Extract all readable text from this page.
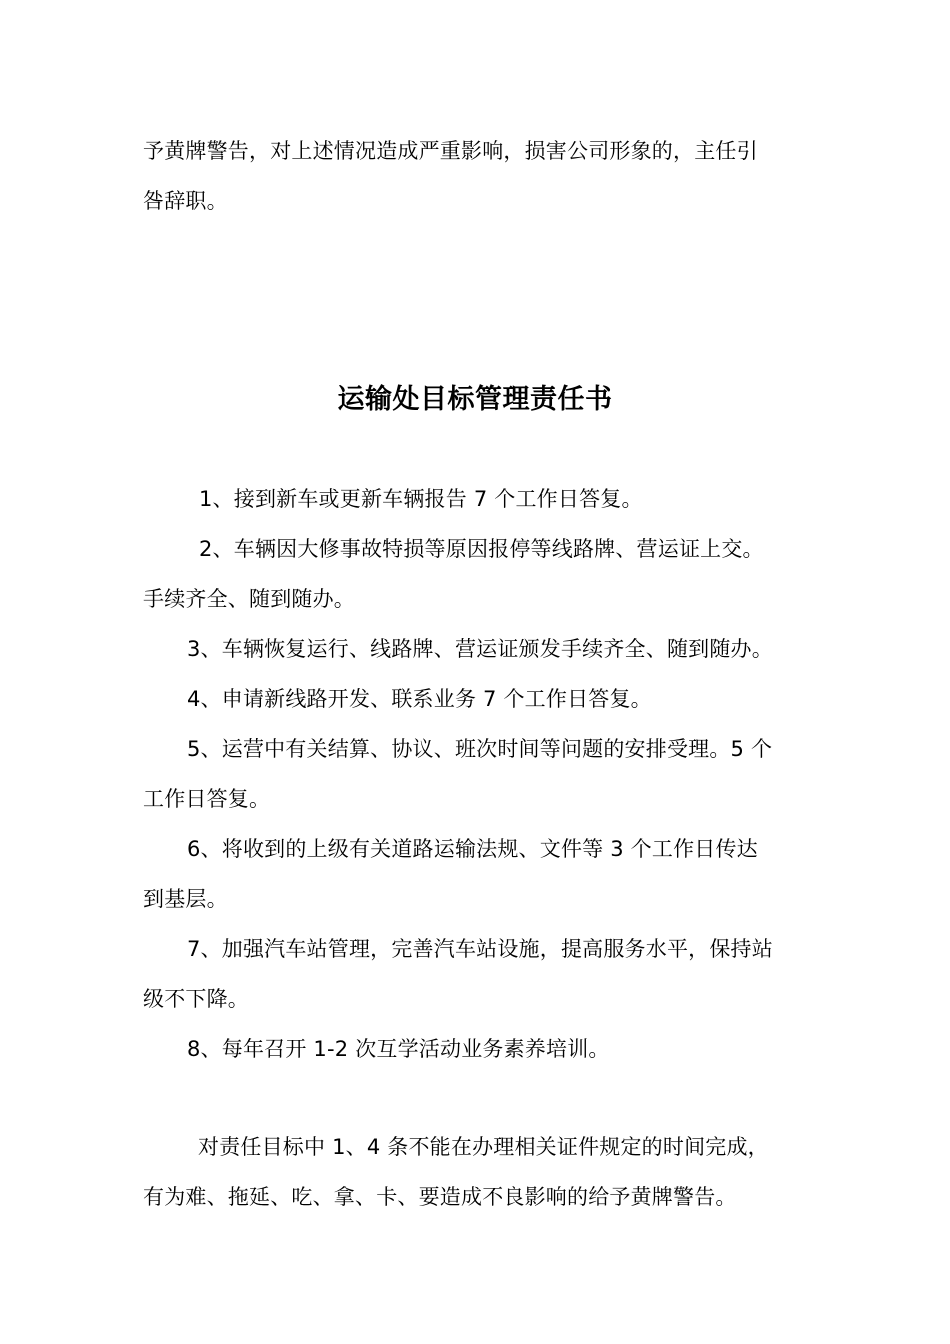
予黄牌警告，对上述情况造成严重影响，损害公司形象的，主任引
咎辞职。
运输处目标管理责任书
1、接到新车或更新车辆报告 7 个工作日答复。
2、车辆因大修事故特损等原因报停等线路牌、营运证上交。
手续齐全、随到随办。
3、车辆恢复运行、线路牌、营运证颁发手续齐全、随到随办。
4、申请新线路开发、联系业务 7 个工作日答复。
5、运营中有关结算、协议、班次时间等问题的安排受理。5 个
工作日答复。
6、将收到的上级有关道路运输法规、文件等 3 个工作日传达
到基层。
7、加强汽车站管理，完善汽车站设施，提高服务水平，保持站
级不下降。
8、每年召开 1-2 次互学活动业务素养培训。
对责任目标中 1、4 条不能在办理相关证件规定的时间完成，
有为难、拖延、吃、拿、卡、要造成不良影响的给予黄牌警告。
